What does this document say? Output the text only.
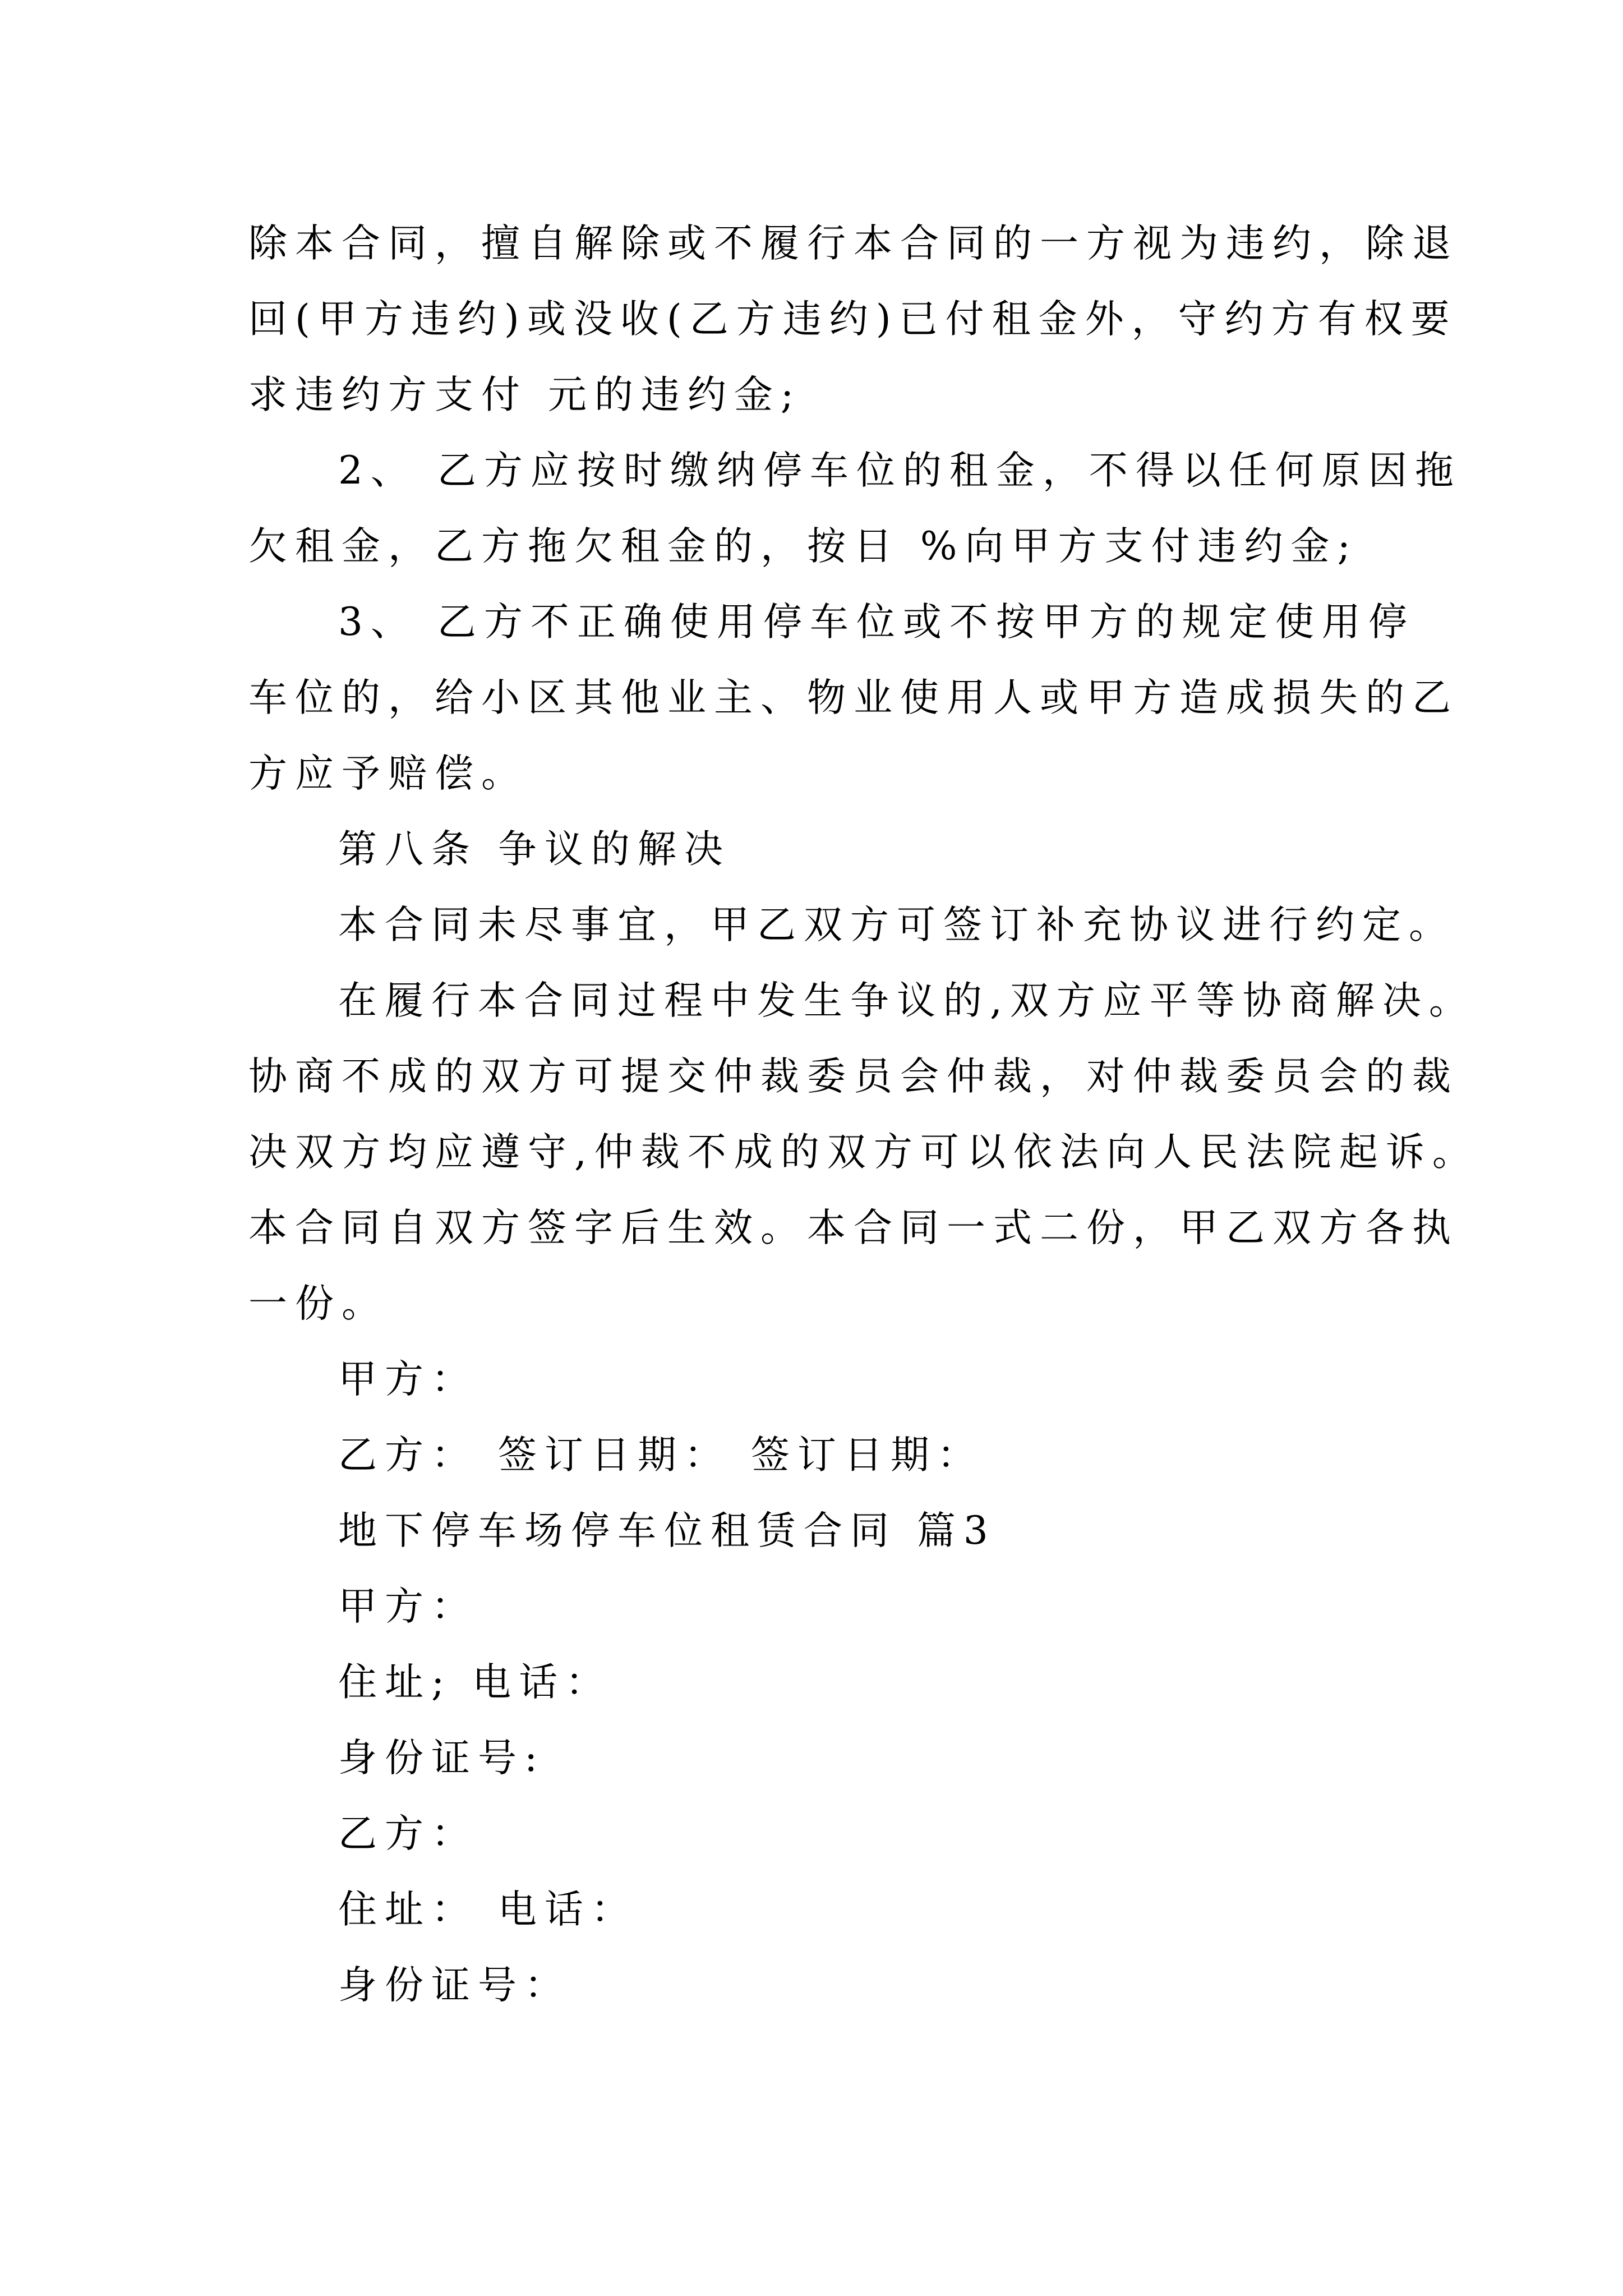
除本合同，擅自解除或不履行本合同的一方视为违约，除退
回(甲方违约)或没收(乙方违约)已付租金外，守约方有权要
求违约方支付 元的违约金;
2、 乙方应按时缴纳停车位的租金，不得以任何原因拖
欠租金，乙方拖欠租金的，按日 %向甲方支付违约金;
3、 乙方不正确使用停车位或不按甲方的规定使用停
车位的，给小区其他业主、物业使用人或甲方造成损失的乙
方应予赔偿。
第八条 争议的解决
本合同未尽事宜，甲乙双方可签订补充协议进行约定。
在履行本合同过程中发生争议的,双方应平等协商解决。
协商不成的双方可提交仲裁委员会仲裁，对仲裁委员会的裁
决双方均应遵守,仲裁不成的双方可以依法向人民法院起诉。
本合同自双方签字后生效。本合同一式二份，甲乙双方各执
一份。
甲方：
乙方： 签订日期： 签订日期：
地下停车场停车位租赁合同 篇3
甲方：
住址; 电话：
身份证号:
乙方：
住址： 电话：
身份证号：
